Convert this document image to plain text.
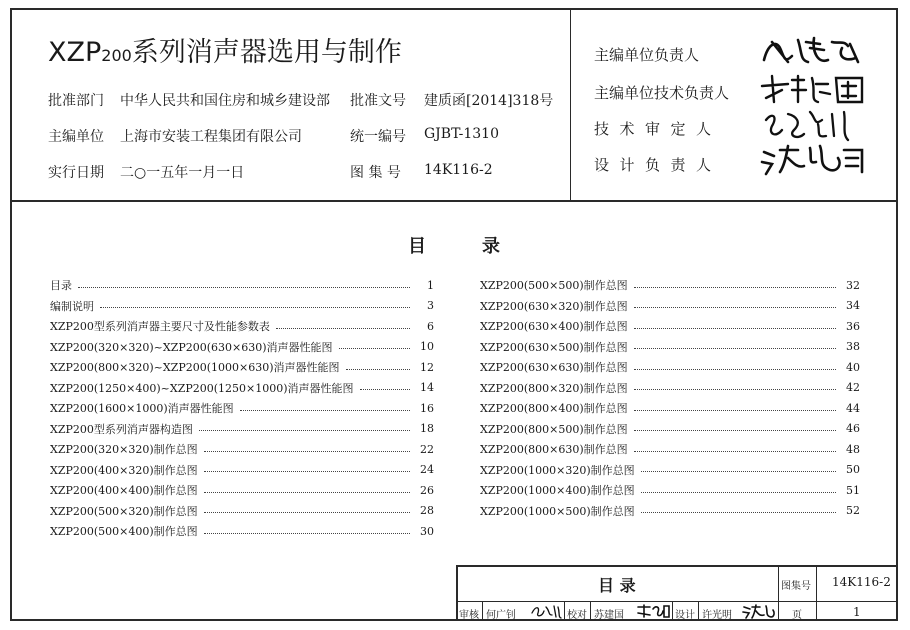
XZP200系列消声器选用与制作
批准部门 中华人民共和国住房和城乡建设部 批准文号 建质函[2014]318号
主编单位 上海市安装工程集团有限公司	统一编号 GJBT-1310
实行日期 二○一五年一月一日	图 集 号 14K116-2
主编单位负责人
主编单位技术负责人
技术审定人
设计负责人
目	录
目录	1
编制说明	3
XZP200型系列消声器主要尺寸及性能参数表	6
XZP200(320×320)~XZP200(630×630)消声器性能图	10
XZP200(800×320)~XZP200(1000×630)消声器性能图	12
XZP200(1250×400)~XZP200(1250×1000)消声器性能图	14
XZP200(1600×1000)消声器性能图	16
XZP200型系列消声器构造图	18
XZP200(320×320)制作总图	22
XZP200(400×320)制作总图	24
XZP200(400×400)制作总图	26
XZP200(500×320)制作总图	28
XZP200(500×400)制作总图	30
XZP200(500×500)制作总图	32
XZP200(630×320)制作总图	34
XZP200(630×400)制作总图	36
XZP200(630×500)制作总图	38
XZP200(630×630)制作总图	40
XZP200(800×320)制作总图	42
XZP200(800×400)制作总图	44
XZP200(800×500)制作总图	46
XZP200(800×630)制作总图	48
XZP200(1000×320)制作总图	50
XZP200(1000×400)制作总图	51
XZP200(1000×500)制作总图	52
目 录	图集号 14K116-2
审核 何广钊	校对 苏建国	设计 许光明	页	1
